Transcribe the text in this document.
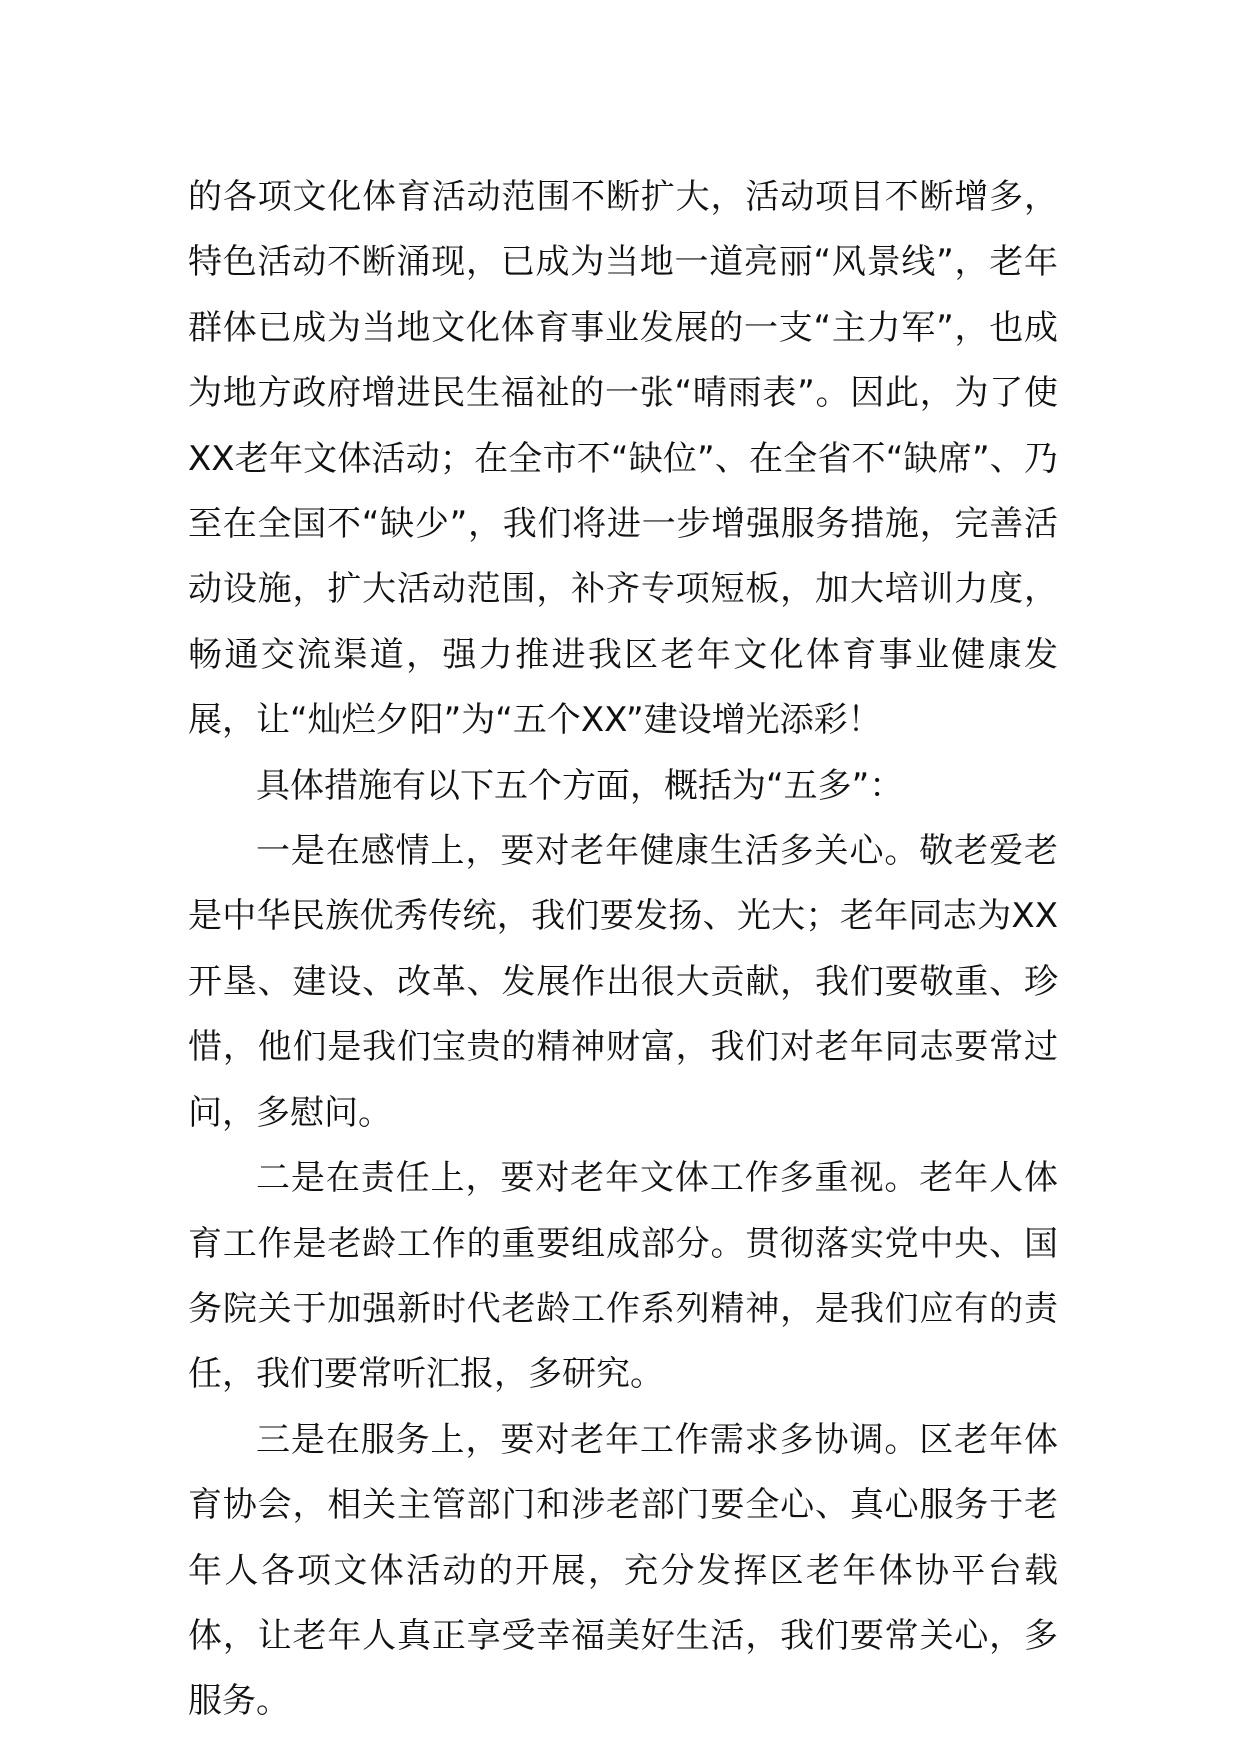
的各项文化体育活动范围不断扩大，活动项目不断增多，特色活动不断涌现，已成为当地一道亮丽“风景线”，老年群体已成为当地文化体育事业发展的一支“主力军”，也成为地方政府增进民生福祉的一张“晴雨表”。因此，为了使XX老年文体活动；在全市不“缺位”、在全省不“缺席”、乃至在全国不“缺少”，我们将进一步增强服务措施，完善活动设施，扩大活动范围，补齐专项短板，加大培训力度，畅通交流渠道，强力推进我区老年文化体育事业健康发展，让“灿烂夕阳”为“五个XX”建设增光添彩！

具体措施有以下五个方面，概括为“五多”：

一是在感情上，要对老年健康生活多关心。敬老爱老是中华民族优秀传统，我们要发扬、光大；老年同志为XX开垦、建设、改革、发展作出很大贡献，我们要敬重、珍惜，他们是我们宝贵的精神财富，我们对老年同志要常过问，多慰问。

二是在责任上，要对老年文体工作多重视。老年人体育工作是老龄工作的重要组成部分。贯彻落实党中央、国务院关于加强新时代老龄工作系列精神，是我们应有的责任，我们要常听汇报，多研究。

三是在服务上，要对老年工作需求多协调。区老年体育协会，相关主管部门和涉老部门要全心、真心服务于老年人各项文体活动的开展，充分发挥区老年体协平台载体，让老年人真正享受幸福美好生活，我们要常关心，多服务。
